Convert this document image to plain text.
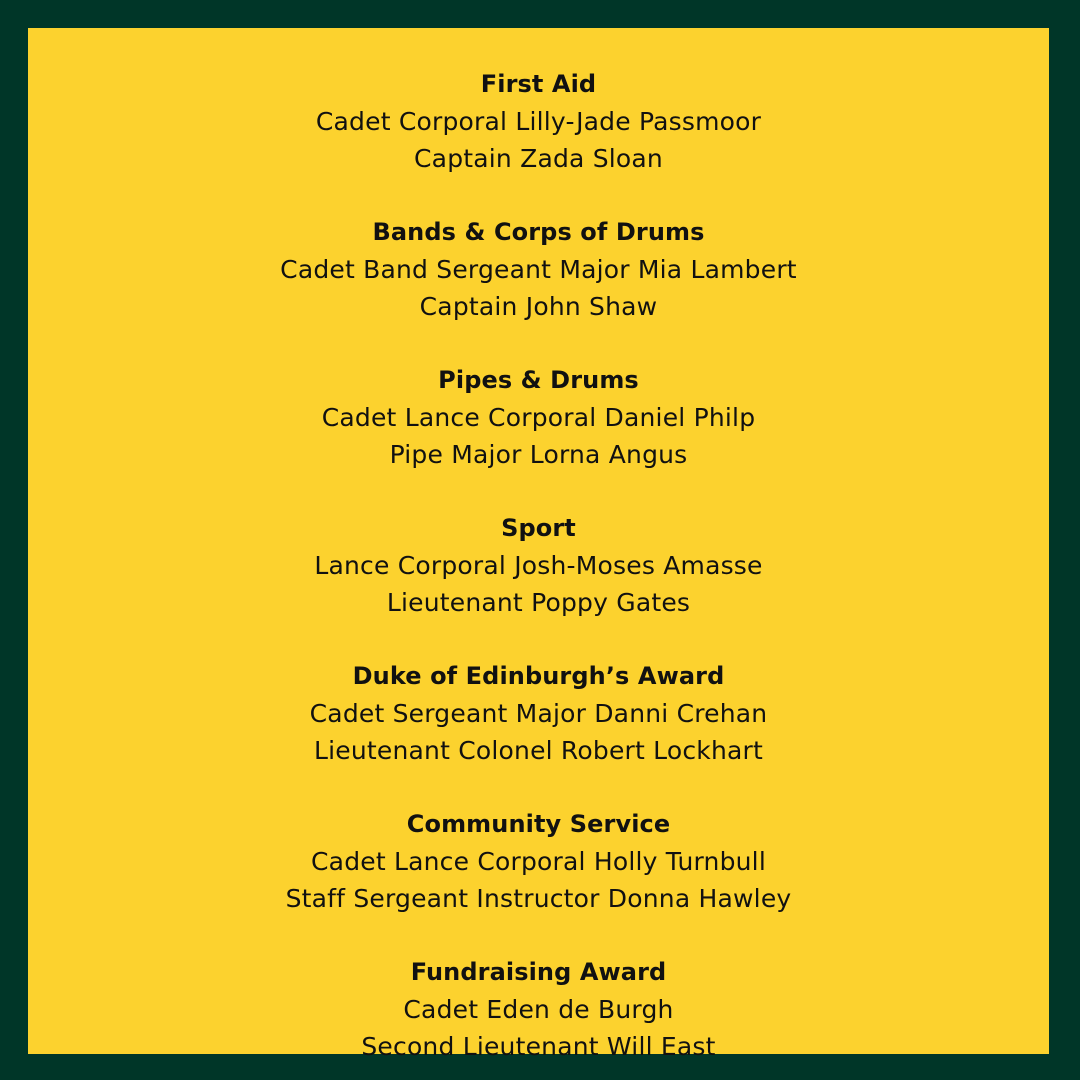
First Aid
Cadet Corporal Lilly-Jade Passmoor
Captain Zada Sloan
Bands & Corps of Drums
Cadet Band Sergeant Major Mia Lambert
Captain John Shaw
Pipes & Drums
Cadet Lance Corporal Daniel Philp
Pipe Major Lorna Angus
Sport
Lance Corporal Josh-Moses Amasse
Lieutenant Poppy Gates
Duke of Edinburgh’s Award
Cadet Sergeant Major Danni Crehan
Lieutenant Colonel Robert Lockhart
Community Service
Cadet Lance Corporal Holly Turnbull
Staff Sergeant Instructor Donna Hawley
Fundraising Award
Cadet Eden de Burgh
Second Lieutenant Will East
